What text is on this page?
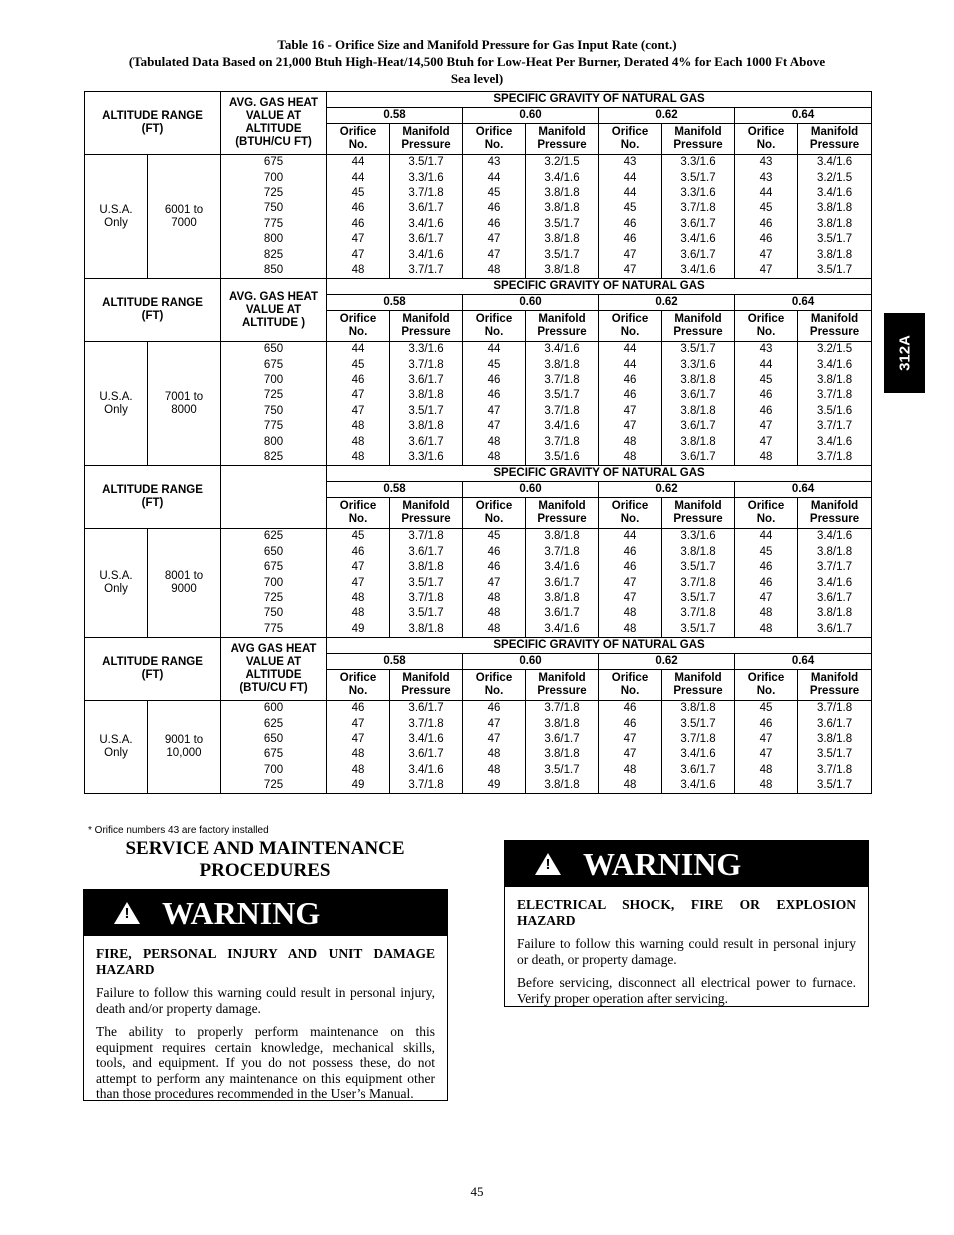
Table 16 - Orifice Size and Manifold Pressure for Gas Input Rate (cont.)
(Tabulated Data Based on 21,000 Btuh High-Heat/14,500 Btuh for Low-Heat Per Burner, Derated 4% for Each 1000 Ft Above
Sea level)
ALTITUDE RANGE (FT)		AVG. GAS HEAT VALUE AT ALTITUDE (BTUH/CU FT)	SPECIFIC GRAVITY OF NATURAL GAS							
			0.58		0.60		0.62		0.64	
			Orifice No.	Manifold Pressure	Orifice No.	Manifold Pressure	Orifice No.	Manifold Pressure	Orifice No.	Manifold Pressure
U.S.A. Only	6001 to 7000	675	44	3.5/1.7	43	3.2/1.5	43	3.3/1.6	43	3.4/1.6
		700	44	3.3/1.6	44	3.4/1.6	44	3.5/1.7	43	3.2/1.5
		725	45	3.7/1.8	45	3.8/1.8	44	3.3/1.6	44	3.4/1.6
		750	46	3.6/1.7	46	3.8/1.8	45	3.7/1.8	45	3.8/1.8
		775	46	3.4/1.6	46	3.5/1.7	46	3.6/1.7	46	3.8/1.8
		800	47	3.6/1.7	47	3.8/1.8	46	3.4/1.6	46	3.5/1.7
		825	47	3.4/1.6	47	3.5/1.7	47	3.6/1.7	47	3.8/1.8
		850	48	3.7/1.7	48	3.8/1.8	47	3.4/1.6	47	3.5/1.7
ALTITUDE RANGE (FT)		AVG. GAS HEAT VALUE AT ALTITUDE )	SPECIFIC GRAVITY OF NATURAL GAS							
			0.58		0.60		0.62		0.64	
			Orifice No.	Manifold Pressure	Orifice No.	Manifold Pressure	Orifice No.	Manifold Pressure	Orifice No.	Manifold Pressure
U.S.A. Only	7001 to 8000	650	44	3.3/1.6	44	3.4/1.6	44	3.5/1.7	43	3.2/1.5
		675	45	3.7/1.8	45	3.8/1.8	44	3.3/1.6	44	3.4/1.6
		700	46	3.6/1.7	46	3.7/1.8	46	3.8/1.8	45	3.8/1.8
		725	47	3.8/1.8	46	3.5/1.7	46	3.6/1.7	46	3.7/1.8
		750	47	3.5/1.7	47	3.7/1.8	47	3.8/1.8	46	3.5/1.6
		775	48	3.8/1.8	47	3.4/1.6	47	3.6/1.7	47	3.7/1.7
		800	48	3.6/1.7	48	3.7/1.8	48	3.8/1.8	47	3.4/1.6
		825	48	3.3/1.6	48	3.5/1.6	48	3.6/1.7	48	3.7/1.8
ALTITUDE RANGE (FT)			SPECIFIC GRAVITY OF NATURAL GAS							
			0.58		0.60		0.62		0.64	
			Orifice No.	Manifold Pressure	Orifice No.	Manifold Pressure	Orifice No.	Manifold Pressure	Orifice No.	Manifold Pressure
U.S.A. Only	8001 to 9000	625	45	3.7/1.8	45	3.8/1.8	44	3.3/1.6	44	3.4/1.6
		650	46	3.6/1.7	46	3.7/1.8	46	3.8/1.8	45	3.8/1.8
		675	47	3.8/1.8	46	3.4/1.6	46	3.5/1.7	46	3.7/1.7
		700	47	3.5/1.7	47	3.6/1.7	47	3.7/1.8	46	3.4/1.6
		725	48	3.7/1.8	48	3.8/1.8	47	3.5/1.7	47	3.6/1.7
		750	48	3.5/1.7	48	3.6/1.7	48	3.7/1.8	48	3.8/1.8
		775	49	3.8/1.8	48	3.4/1.6	48	3.5/1.7	48	3.6/1.7
ALTITUDE RANGE (FT)		AVG GAS HEAT VALUE AT ALTITUDE (BTU/CU FT)	SPECIFIC GRAVITY OF NATURAL GAS							
			0.58		0.60		0.62		0.64	
			Orifice No.	Manifold Pressure	Orifice No.	Manifold Pressure	Orifice No.	Manifold Pressure	Orifice No.	Manifold Pressure
U.S.A. Only	9001 to 10,000	600	46	3.6/1.7	46	3.7/1.8	46	3.8/1.8	45	3.7/1.8
		625	47	3.7/1.8	47	3.8/1.8	46	3.5/1.7	46	3.6/1.7
		650	47	3.4/1.6	47	3.6/1.7	47	3.7/1.8	47	3.8/1.8
		675	48	3.6/1.7	48	3.8/1.8	47	3.4/1.6	47	3.5/1.7
		700	48	3.4/1.6	48	3.5/1.7	48	3.6/1.7	48	3.7/1.8
		725	49	3.7/1.8	49	3.8/1.8	48	3.4/1.6	48	3.5/1.7
* Orifice numbers 43 are factory installed
SERVICE AND MAINTENANCE PROCEDURES
! WARNING

FIRE, PERSONAL INJURY AND UNIT DAMAGE HAZARD

Failure to follow this warning could result in personal injury, death and/or property damage.

The ability to properly perform maintenance on this equipment requires certain knowledge, mechanical skills, tools, and equipment. If you do not possess these, do not attempt to perform any maintenance on this equipment other than those procedures recommended in the User’s Manual.

! WARNING

ELECTRICAL SHOCK, FIRE OR EXPLOSION HAZARD

Failure to follow this warning could result in personal injury or death, or property damage.

Before servicing, disconnect all electrical power to furnace. Verify proper operation after servicing.

312A
45
